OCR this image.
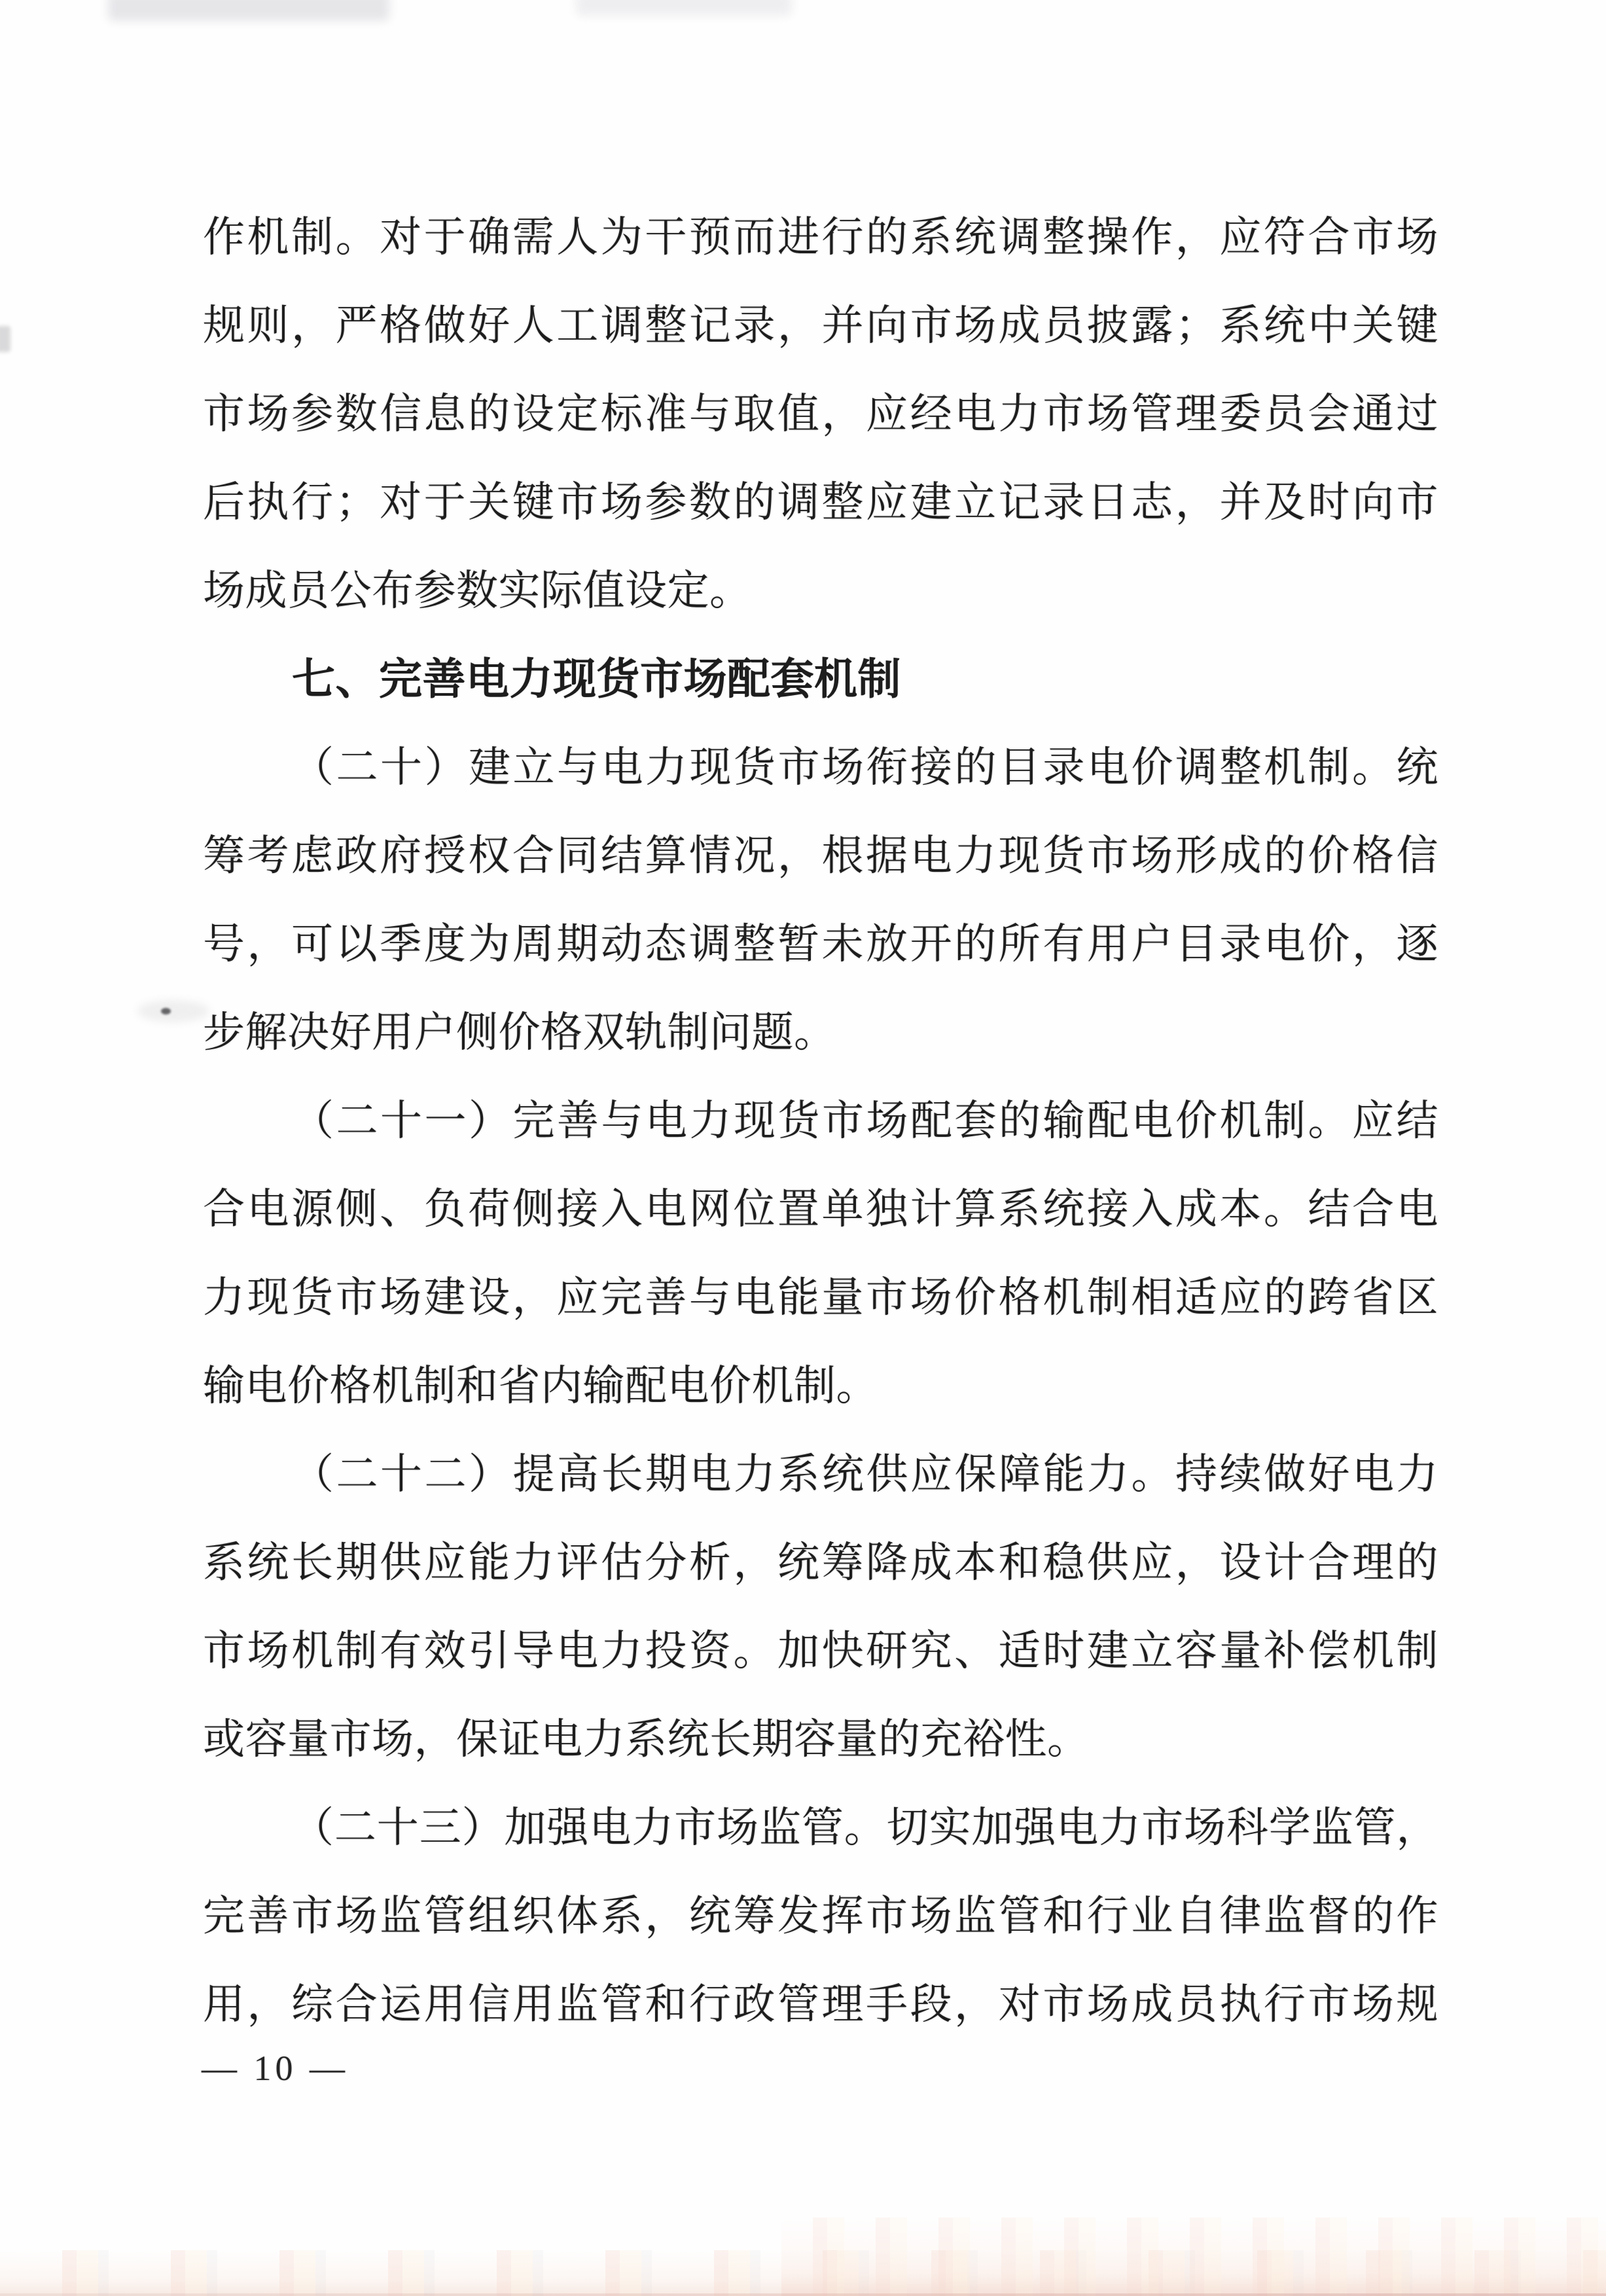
作机制。对于确需人为干预而进行的系统调整操作，应符合市场
规则，严格做好人工调整记录，并向市场成员披露；系统中关键
市场参数信息的设定标准与取值，应经电力市场管理委员会通过
后执行；对于关键市场参数的调整应建立记录日志，并及时向市
场成员公布参数实际值设定。
七、完善电力现货市场配套机制
（二十）建立与电力现货市场衔接的目录电价调整机制。统
筹考虑政府授权合同结算情况，根据电力现货市场形成的价格信
号，可以季度为周期动态调整暂未放开的所有用户目录电价，逐
步解决好用户侧价格双轨制问题。
（二十一）完善与电力现货市场配套的输配电价机制。应结
合电源侧、负荷侧接入电网位置单独计算系统接入成本。结合电
力现货市场建设，应完善与电能量市场价格机制相适应的跨省区
输电价格机制和省内输配电价机制。
（二十二）提高长期电力系统供应保障能力。持续做好电力
系统长期供应能力评估分析，统筹降成本和稳供应，设计合理的
市场机制有效引导电力投资。加快研究、适时建立容量补偿机制
或容量市场，保证电力系统长期容量的充裕性。
（二十三）加强电力市场监管。切实加强电力市场科学监管，
完善市场监管组织体系，统筹发挥市场监管和行业自律监督的作
用，综合运用信用监管和行政管理手段，对市场成员执行市场规
— 10 —
